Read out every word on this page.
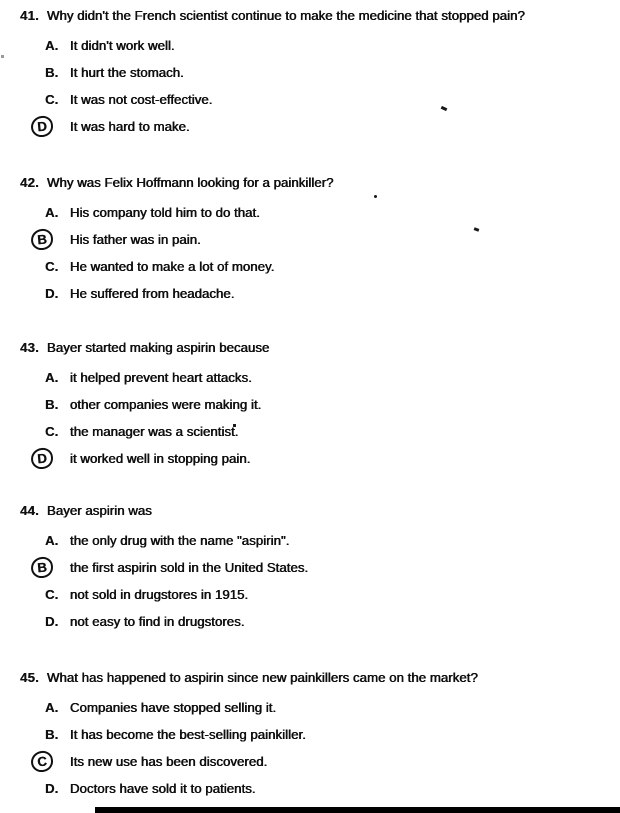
41. Why didn't the French scientist continue to make the medicine that stopped pain?
A. It didn't work well.
B. It hurt the stomach.
C. It was not cost-effective.
D	It was hard to make.
42. Why was Felix Hoffmann looking for a painkiller?
A. His company told him to do that.
B	His father was in pain.
C. He wanted to make a lot of money.
D. He suffered from headache.
43. Bayer started making aspirin because
A. it helped prevent heart attacks.
B. other companies were making it.
C. the manager was a scientist.
D	it worked well in stopping pain.
44. Bayer aspirin was
A. the only drug with the name "aspirin".
B	the first aspirin sold in the United States.
C. not sold in drugstores in 1915.
D. not easy to find in drugstores.
45. What has happened to aspirin since new painkillers came on the market?
A. Companies have stopped selling it.
B. It has become the best-selling painkiller.
C	Its new use has been discovered.
D. Doctors have sold it to patients.
